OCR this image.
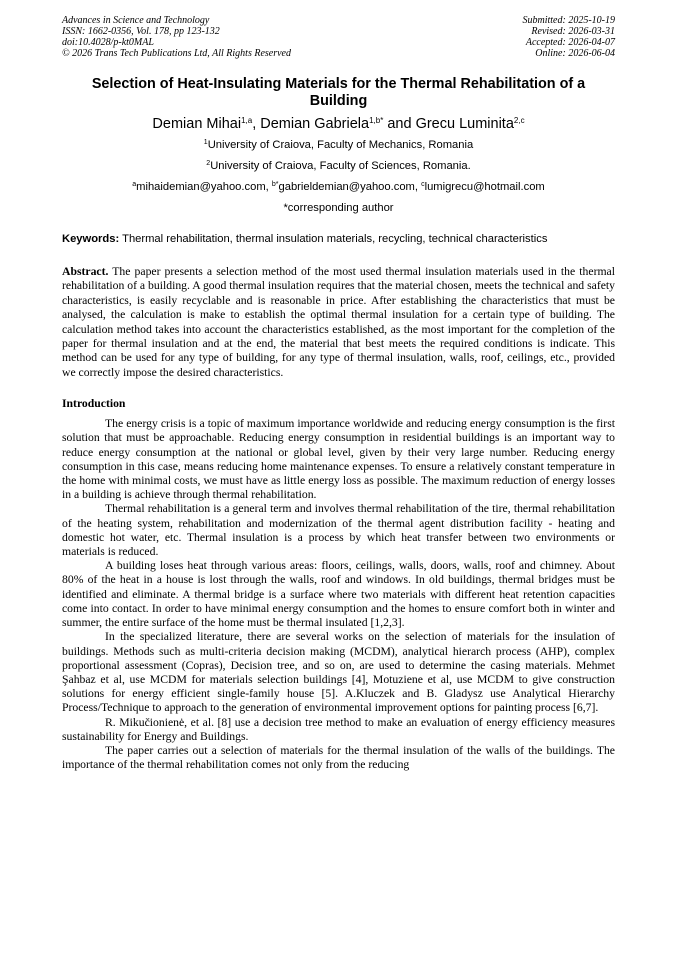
Advances in Science and Technology
ISSN: 1662-0356, Vol. 178, pp 123-132
doi:10.4028/p-kt0MAL
© 2026 Trans Tech Publications Ltd, All Rights Reserved
Submitted: 2025-10-19
Revised: 2026-03-31
Accepted: 2026-04-07
Online: 2026-06-04
Selection of Heat-Insulating Materials for the Thermal Rehabilitation of a Building
Demian Mihai$^{1,a}$, Demian Gabriela$^{1,b*}$ and Grecu Luminita$^{2,c}$
$^1$University of Craiova, Faculty of Mechanics, Romania
$^2$University of Craiova, Faculty of Sciences, Romania.
$^a$mihaidemian@yahoo.com, $^{b*}$gabrieldemian@yahoo.com, $^c$lumigrecu@hotmail.com
*corresponding author
Keywords: Thermal rehabilitation, thermal insulation materials, recycling, technical characteristics
Abstract. The paper presents a selection method of the most used thermal insulation materials used in the thermal rehabilitation of a building. A good thermal insulation requires that the material chosen, meets the technical and safety characteristics, is easily recyclable and is reasonable in price. After establishing the characteristics that must be analysed, the calculation is make to establish the optimal thermal insulation for a certain type of building. The calculation method takes into account the characteristics established, as the most important for the completion of the paper for thermal insulation and at the end, the material that best meets the required conditions is indicate. This method can be used for any type of building, for any type of thermal insulation, walls, roof, ceilings, etc., provided we correctly impose the desired characteristics.
Introduction
The energy crisis is a topic of maximum importance worldwide and reducing energy consumption is the first solution that must be approachable. Reducing energy consumption in residential buildings is an important way to reduce energy consumption at the national or global level, given by their very large number. Reducing energy consumption in this case, means reducing home maintenance expenses. To ensure a relatively constant temperature in the home with minimal costs, we must have as little energy loss as possible. The maximum reduction of energy losses in a building is achieve through thermal rehabilitation.
Thermal rehabilitation is a general term and involves thermal rehabilitation of the tire, thermal rehabilitation of the heating system, rehabilitation and modernization of the thermal agent distribution facility - heating and domestic hot water, etc. Thermal insulation is a process by which heat transfer between two environments or materials is reduced.
A building loses heat through various areas: floors, ceilings, walls, doors, walls, roof and chimney. About 80% of the heat in a house is lost through the walls, roof and windows. In old buildings, thermal bridges must be identified and eliminate. A thermal bridge is a surface where two materials with different heat retention capacities come into contact. In order to have minimal energy consumption and the homes to ensure comfort both in winter and summer, the entire surface of the home must be thermal insulated [1,2,3].
In the specialized literature, there are several works on the selection of materials for the insulation of buildings. Methods such as multi-criteria decision making (MCDM), analytical hierarch process (AHP), complex proportional assessment (Copras), Decision tree, and so on, are used to determine the casing materials. Mehmet Şahbaz et al, use MCDM for materials selection buildings [4], Motuziene et al, use MCDM to give construction solutions for energy efficient single-family house [5]. A.Kluczek and B. Gladysz use Analytical Hierarchy Process/Technique to approach to the generation of environmental improvement options for painting process [6,7].
R. Mikučionienė, et al. [8] use a decision tree method to make an evaluation of energy efficiency measures sustainability for Energy and Buildings.
The paper carries out a selection of materials for the thermal insulation of the walls of the buildings. The importance of the thermal rehabilitation comes not only from the reducing
